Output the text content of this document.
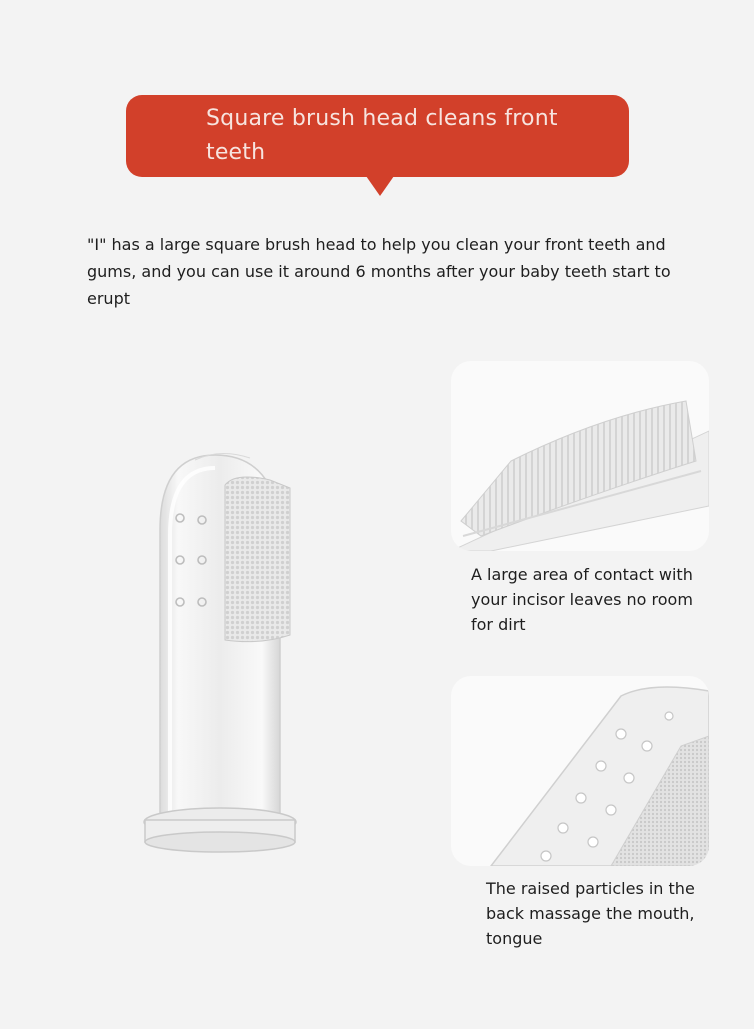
Square brush head cleans front teeth
"I" has a large square brush head to help you clean your front teeth and gums, and you can use it around 6 months after your baby teeth start to erupt
A large area of contact with your incisor leaves no room for dirt
The raised particles in the back massage the mouth, tongue
